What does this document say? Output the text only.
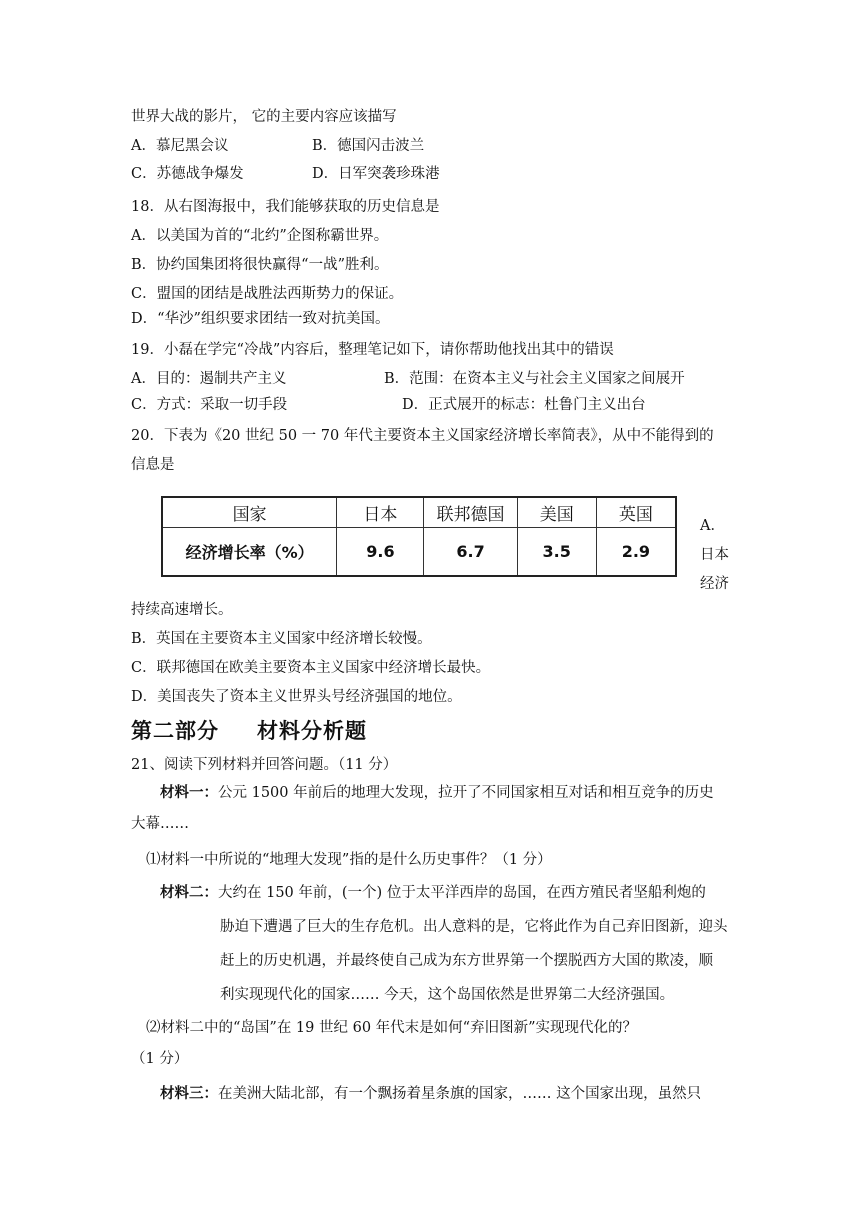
世界大战的影片， 它的主要内容应该描写
A．慕尼黑会议	B．德国闪击波兰
C．苏德战争爆发	D．日军突袭珍珠港
18．从右图海报中，我们能够获取的历史信息是
A．以美国为首的“北约”企图称霸世界。
B．协约国集团将很快赢得“一战”胜利。
C．盟国的团结是战胜法西斯势力的保证。
D．“华沙”组织要求团结一致对抗美国。
19．小磊在学完“冷战”内容后，整理笔记如下，请你帮助他找出其中的错误
A．目的：遏制共产主义	B．范围：在资本主义与社会主义国家之间展开
C．方式：采取一切手段	D．正式展开的标志：杜鲁门主义出台
20．下表为《20 世纪 50 一 70 年代主要资本主义国家经济增长率简表》，从中不能得到的
信息是
国家	日本	联邦德国	美国	英国
经济增长率（%）	9.6	6.7	3.5	2.9
A．
日本
经济
持续高速增长。
B．英国在主要资本主义国家中经济增长较慢。
C．联邦德国在欧美主要资本主义国家中经济增长最快。
D．美国丧失了资本主义世界头号经济强国的地位。
第二部分 材料分析题
21、阅读下列材料并回答问题。（11 分）
材料一：公元 1500 年前后的地理大发现，拉开了不同国家相互对话和相互竞争的历史
大幕……
⑴材料一中所说的“地理大发现”指的是什么历史事件？（1 分）
材料二：大约在 150 年前，(一个) 位于太平洋西岸的岛国，在西方殖民者坚船利炮的
胁迫下遭遇了巨大的生存危机。出人意料的是，它将此作为自己弃旧图新，迎头
赶上的历史机遇，并最终使自己成为东方世界第一个摆脱西方大国的欺凌，顺
利实现现代化的国家…… 今天，这个岛国依然是世界第二大经济强国。
⑵材料二中的“岛国”在 19 世纪 60 年代末是如何“弃旧图新”实现现代化的？
（1 分）
材料三：在美洲大陆北部，有一个飘扬着星条旗的国家，…… 这个国家出现，虽然只
